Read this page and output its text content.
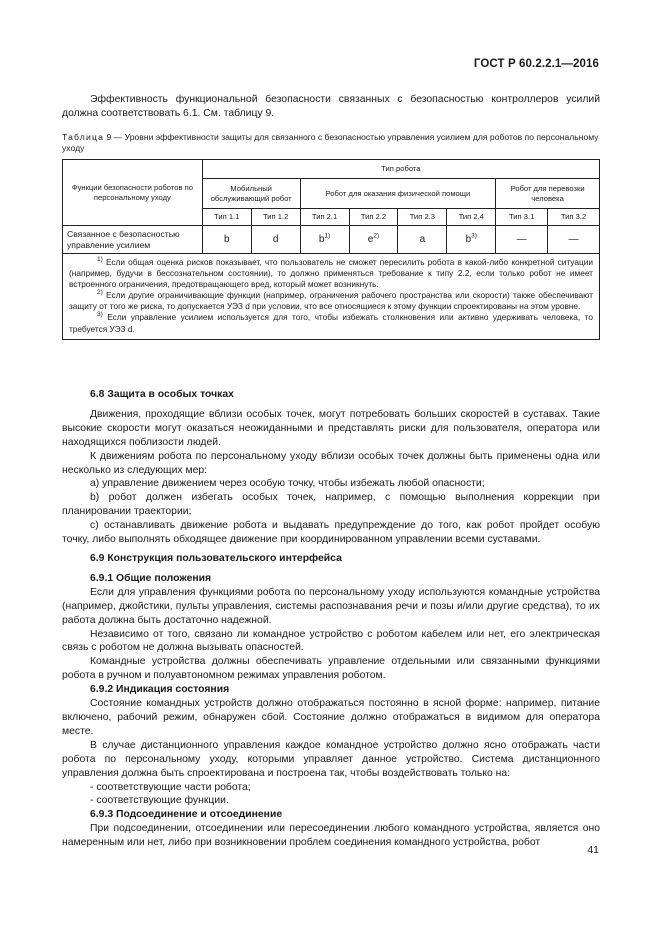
ГОСТ Р 60.2.2.1—2016

Эффективность функциональной безопасности связанных с безопасностью контроллеров усилий должна соответствовать 6.1. См. таблицу 9.

Таблица 9 — Уровни эффективности защиты для связанного с безопасностью управления усилием для роботов по персональному уходу
Функции безопасности роботов по персональному уходу	Тип робота							
	Мобильный обслуживающий робот		Робот для оказания физической помощи				Робот для перевозки человека	
	Тип 1.1	Тип 1.2	Тип 2.1	Тип 2.2	Тип 2.3	Тип 2.4	Тип 3.1	Тип 3.2
Связанное с безопасностью управление усилием	b	d	$b^{1)}$	$e^{2)}$	a	$b^{3)}$	—	—

$^{1)}$ Если общая оценка рисков показывает, что пользователь не сможет пересилить робота в какой-либо конкретной ситуации (например, будучи в бессознательном состоянии), то должно применяться требование к типу 2.2, если только робот не имеет встроенного ограничения, предотвращающего вред, который может возникнуть.

$^{2)}$ Если другие ограничивающие функции (например, ограничения рабочего пространства или скорости) также обеспечивают защиту от того же риска, то допускается УЭЗ d при условии, что все относящиеся к этому функции спроектированы на этом уровне.

$^{3)}$ Если управление усилием используется для того, чтобы избежать столкновения или активно удерживать человека, то требуется УЭЗ d.

6.8 Защита в особых точках

Движения, проходящие вблизи особых точек, могут потребовать больших скоростей в суставах. Такие высокие скорости могут оказаться неожиданными и представлять риски для пользователя, оператора или находящихся поблизости людей.

К движениям робота по персональному уходу вблизи особых точек должны быть применены одна или несколько из следующих мер:

а) управление движением через особую точку, чтобы избежать любой опасности;

b) робот должен избегать особых точек, например, с помощью выполнения коррекции при планировании траектории;

с) останавливать движение робота и выдавать предупреждение до того, как робот пройдет особую точку, либо выполнять обходящее движение при координированном управлении всеми суставами.

6.9 Конструкция пользовательского интерфейса

6.9.1 Общие положения

Если для управления функциями робота по персональному уходу используются командные устройства (например, джойстики, пульты управления, системы распознавания речи и позы и/или другие средства), то их работа должна быть достаточно надежной.

Независимо от того, связано ли командное устройство с роботом кабелем или нет, его электрическая связь с роботом не должна вызывать опасностей.

Командные устройства должны обеспечивать управление отдельными или связанными функциями робота в ручном и полуавтономном режимах управления роботом.

6.9.2 Индикация состояния

Состояние командных устройств должно отображаться постоянно в ясной форме: например, питание включено, рабочий режим, обнаружен сбой. Состояние должно отображаться в видимом для оператора месте.

В случае дистанционного управления каждое командное устройство должно ясно отображать части робота по персональному уходу, которыми управляет данное устройство. Система дистанционного управления должна быть спроектирована и построена так, чтобы воздействовать только на:

- соответствующие части робота;

- соответствующие функции.

6.9.3 Подсоединение и отсоединение

При подсоединении, отсоединении или пересоединении любого командного устройства, является оно намеренным или нет, либо при возникновении проблем соединения командного устройства, робот

41
